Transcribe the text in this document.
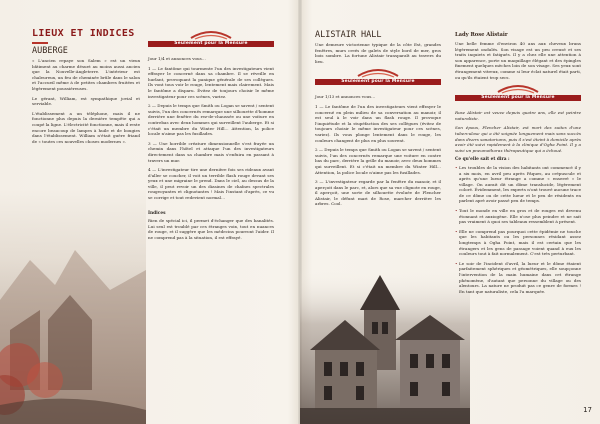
LIEUX ET INDICES
AUBERGE

« L'ancien repaye son Salem » est un vieux bâtiment au charme désuet au moins aussi ancien que la Nouvelle-Angleterre. L'intérieur est chaleureux, un feu de cheminée brûle dans le salon et l'accueil même à de petites chambres fruitées et légèrement poussiéreuses.

Le gérant, William, est sympathique jovial et serviable.

L'établissement a un téléphone, mais il ne fonctionne plus depuis la dernière tempête qui a coupé la ligne. L'électricité fonctionne, mais il reste encore beaucoup de lampes à huile et de bougies dans l'établissement. William n'était guère friand de « toutes ces nouvelles choses modernes ».

Seulement pour la Mensure

Jour 1/4 et annonces vous…

1 — Le fantôme qui tourmente l'un des investigateurs vient effrayer le concerné dans sa chambre. Il se réveille en hurlant, provoquant la panique générale de ses collègues. Ils vont tous voir le rouge, lentement mais clairement. Mais le fantôme a disparu. Évitez de toujours choisir le même investigateur pour ces scènes, variez.

2 — Depuis le temps que Smith ou Logan se savent / sentent suivis, l'un des concernés remarque une silhouette d'homme derrière une fenêtre du rez-de-chaussée ou une voiture en contrebas avec deux hommes qui surveillent l'auberge. Et si c'était un membre du Winter Hill… Attention, la police locale n'aime pas les fusillades.

3 — Une horrible créature dimensionnelle s'est frayée un chemin dans l'hôtel et attaque l'un des investigateurs directement dans sa chambre mais s'enfuira en passant à travers un mur.

4 — L'investigateur tire une dernière fois ses rideaux avant d'aller se coucher, il voit un terrible flash rouge devant ses yeux et une migraine le prend. Dans le ciel, au dessus de la ville, il peut revoir un des dizaines de chaînes spectrales rougeoyantes et clignotantes ! Mais l'instant d'après, ce vu se corrige et tout redevient normal…

Indices

Rien de spécial ici, il permet d'échanger que des banalités. Lui seul est troublé par ces étranges voix, tout en nuances de rouge, et il suggère que les médecins pourront l'aider. Il ne comprend pas à la situation, il est effrayé.

ALISTAIR HALL

Une demeure victorienne typique de la côte Est, grandes fenêtres, murs creés de galets de style bord de mer, gros bois sombre. La fortune Alistair transparaît au travers du lieu.

Seulement pour la Mensure

Jour 1/13 et annonces vous…

1 — Le fantôme de l'un des investigateurs vient effrayer le concerné en plein milieu de sa conversation au manoir, il est seul à le voir dans un flash rouge. Il provoque l'inquiétude et la stupéfaction des ses collègues (évitez de toujours choisir le même investigateur pour ces scènes, variez). Ils vous plonge lentement dans le rouge, les couleurs changent de plus en plus souvent.

2 — Depuis le temps que Smith ou Logan se savent / sentent suivis, l'un des concernés remarque une voiture en contre bas du parc, derrière la grille du manoir, avec deux hommes qui surveillent. Et si c'était un membre du Winter Hill… Attention, la police locale n'aime pas les fusillades.

3 — L'investigateur regarde par la fenêtre du manoir, et il aperçoit dans le parc, et, alors que sa vue clignote en rouge, il aperçoit, une sorte de silhouette évoluée de Flencher Alistair, le défunt mari de Rose, marcher derrière les arbres. Cool.

Lady Rose Alistair

Une belle femme d'environ 40 ans aux cheveux bruns légèrement ondulés. Son visage est un peu creusé et ses traits inquiets et fatigués. Il y a chez elle une attention à son apparence, porte un maquillage élégant et des épingles finement quelques mèches loin de son visage. Ses yeux sont étrangement vitreux, comme si leur éclat naturel était parti, ou qu'ils étaient trop secs.

Seulement pour la Mensure

Rose Alistair est veuve depuis quatre ans, elle est peintre naturaliste.

Son époux, Flencher Alistair, est mort des suites d'une tuberculose qui a été soignée longuement mais sans succès dans divers sanatoriums, puis il s'est éteint à domicile après avoir été suivi rapidement à la clinique d'Ogha Point. Il y a suivi un pneumothorax thérapeutique qui a échoué.

Ce qu'elle sait et dira :
• Les troubles de la vision des habitants ont commencé il y a six mois, en avril peu après Pâques, au crépuscule et après qu'une lueur étrange a comme « enserré » le village. On aurait dit un dôme translucide, légèrement coloré. Évidemment, les experts n'ont trouvé aucune trace de ce dôme ou de cette lueur et le peu de résidents en parlent aprè avoir passé peu de temps.
• Tout le monde en ville en gros et de rouges est devenu étonnant et anxiogène. Elle n'ose plus peindre et ne sait pas vraiment à quoi ses tableaux ressemblent à présent.
• Elle ne comprend pas pourquoi cette épidémie ne touche que les habitants ou les personnes résidant assez longtemps à Ogha Point, mais il est certain que les étrangers et les gens de passage voient quand à eux les couleurs tout à fait normalement. C'est très perturbant.
• Le soir de l'incident d'avril, la lueur et le dôme étaient parfaitement sphériques et géométriques, elle soupçonne l'intervention de la main humaine dans cet étrange phénomène, d'autant que personne du village ou des alentours. La nature ne produit pas ce genre de formes ! En tant que naturaliste, cela l'a marquée.
17
